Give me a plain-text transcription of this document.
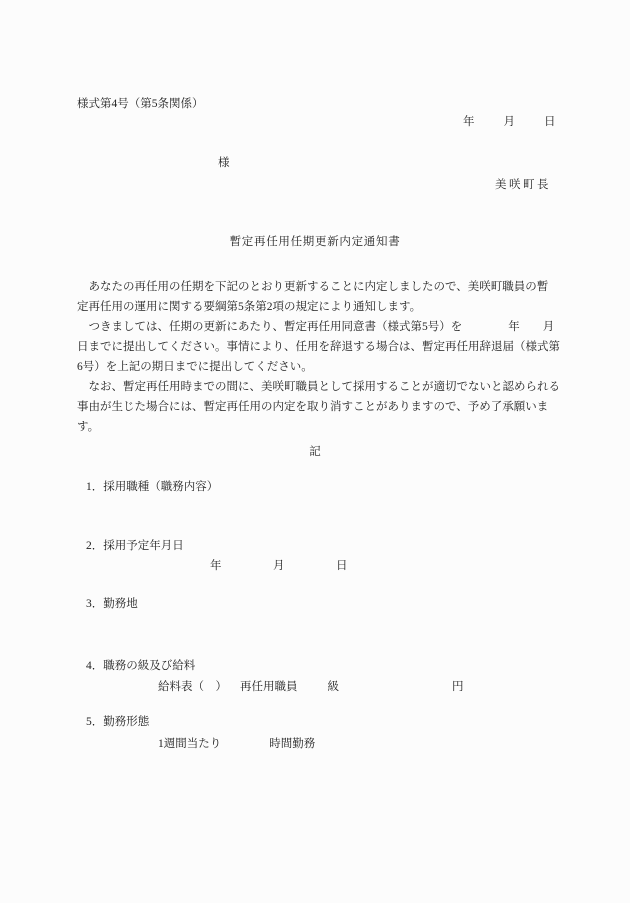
様式第4号（第5条関係）
年	月	日
様
美咲町長
暫定再任用任期更新内定通知書
　あなたの再任用の任期を下記のとおり更新することに内定しましたので、美咲町職員の暫
定再任用の運用に関する要綱第5条第2項の規定により通知します。
　つきましては、任期の更新にあたり、暫定再任用同意書（様式第5号）を　　　　年　　月
日までに提出してください。事情により、任用を辞退する場合は、暫定再任用辞退届（様式第
6号）を上記の期日までに提出してください。
　なお、暫定再任用時までの間に、美咲町職員として採用することが適切でないと認められる
事由が生じた場合には、暫定再任用の内定を取り消すことがありますので、予め了承願いま
す。
記
1．採用職種（職務内容）
2．採用予定年月日
年	月	日
3．勤務地
4．職務の級及び給料
給料表（　） 再任用職員	級	円
5．勤務形態
1週間当たり	時間勤務
